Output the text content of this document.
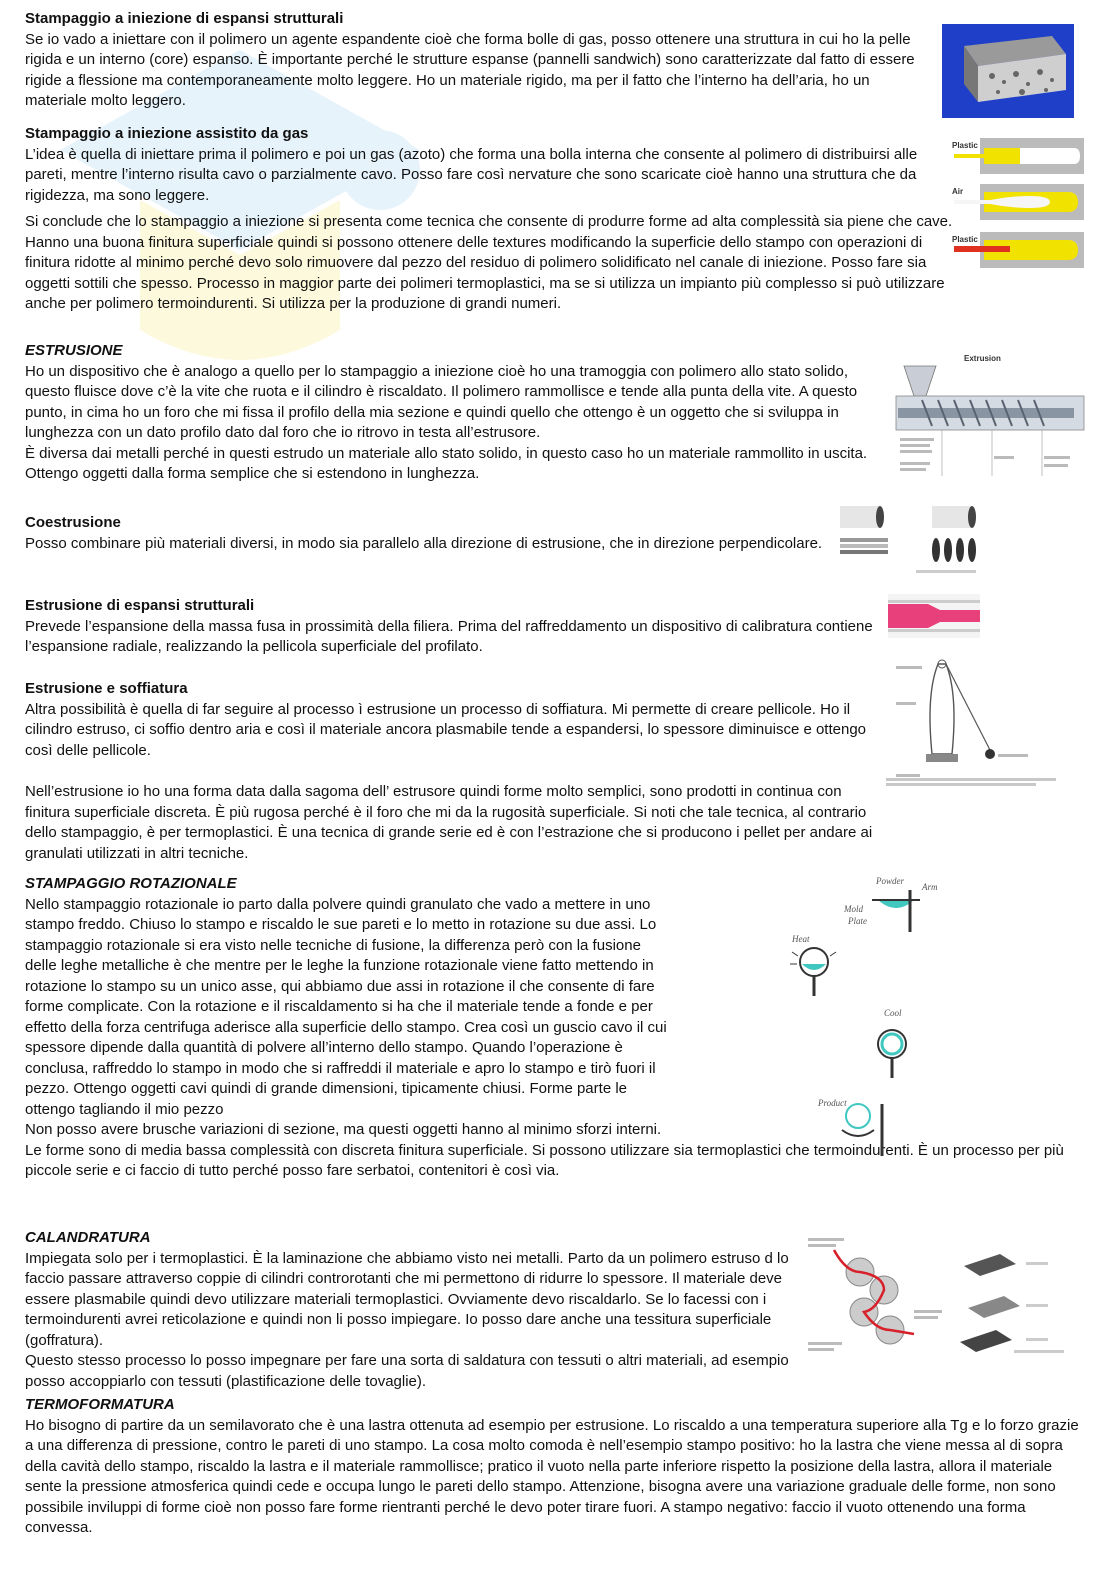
Stampaggio a iniezione di espansi strutturali

Se io vado a iniettare con il polimero un agente espandente cioè che forma bolle di gas, posso ottenere una struttura in cui ho la pelle rigida e un interno (core) espanso. È importante perché le strutture espanse (pannelli sandwich) sono caratterizzate dal fatto di essere rigide a flessione ma contemporaneamente molto leggere. Ho un materiale rigido, ma per il fatto che l’interno ha dell’aria, ho un materiale molto leggero.

Stampaggio a iniezione assistito da gas

L’idea è quella di iniettare prima il polimero e poi un gas (azoto) che forma una bolla interna che consente al polimero di distribuirsi alle pareti, mentre l’interno risulta cavo o parzialmente cavo. Posso fare così nervature che sono scaricate cioè hanno una struttura che da rigidezza, ma sono leggere.

Plastic
Air
Plastic

Si conclude che lo stampaggio a iniezione si presenta come tecnica che consente di produrre forme ad alta complessità sia piene che cave. Hanno una buona finitura superficiale quindi si possono ottenere delle textures modificando la superficie dello stampo con operazioni di finitura ridotte al minimo perché devo solo rimuovere dal pezzo del residuo di polimero solidificato nel canale di iniezione. Posso fare sia oggetti sottili che spesso. Processo in maggior parte dei polimeri termoplastici, ma se si utilizza un impianto più complesso si può utilizzare anche per polimero termoindurenti. Si utilizza per la produzione di grandi numeri.

ESTRUSIONE

Ho un dispositivo che è analogo a quello per lo stampaggio a iniezione cioè ho una tramoggia con polimero allo stato solido, questo fluisce dove c’è la vite che ruota e il cilindro è riscaldato. Il polimero rammollisce e tende alla punta della vite. A questo punto, in cima ho un foro che mi fissa il profilo della mia sezione e quindi quello che ottengo è un oggetto che si sviluppa in lunghezza con un dato profilo dato dal foro che io ritrovo in testa all’estrusore.

È diversa dai metalli perché in questi estrudo un materiale allo stato solido, in questo caso ho un materiale rammollito in uscita. Ottengo oggetti dalla forma semplice che si estendono in lunghezza.

Extrusion
Coestrusione

Posso combinare più materiali diversi, in modo sia parallelo alla direzione di estrusione, che in direzione perpendicolare.

Estrusione di espansi strutturali

Prevede l’espansione della massa fusa in prossimità della filiera. Prima del raffreddamento un dispositivo di calibratura contiene l’espansione radiale, realizzando la pellicola superficiale del profilato.

Estrusione e soffiatura

Altra possibilità è quella di far seguire al processo ì estrusione un processo di soffiatura. Mi permette di creare pellicole. Ho il cilindro estruso, ci soffio dentro aria e così il materiale ancora plasmabile tende a espandersi, lo spessore diminuisce e ottengo così delle pellicole.

Nell’estrusione io ho una forma data dalla sagoma dell’ estrusore quindi forme molto semplici, sono prodotti in continua con finitura superficiale discreta. È più rugosa perché è il foro che mi da la rugosità superficiale. Si noti che tale tecnica, al contrario dello stampaggio, è per termoplastici. È una tecnica di grande serie ed è con l’estrazione che si producono i pellet per andare ai granulati utilizzati in altri tecniche.

STAMPAGGIO ROTAZIONALE

Nello stampaggio rotazionale io parto dalla polvere quindi granulato che vado a mettere in uno stampo freddo. Chiuso lo stampo e riscaldo le sue pareti e lo metto in rotazione su due assi. Lo stampaggio rotazionale si era visto nelle tecniche di fusione, la differenza però con la fusione delle leghe metalliche è che mentre per le leghe la funzione rotazionale viene fatto mettendo in rotazione lo stampo su un unico asse, qui abbiamo due assi in rotazione il che consente di fare forme complicate. Con la rotazione e il riscaldamento si ha che il materiale tende a fonde e per effetto della forza centrifuga aderisce alla superficie dello stampo. Crea così un guscio cavo il cui spessore dipende dalla quantità di polvere all’interno dello stampo. Quando l’operazione è conclusa, raffreddo lo stampo in modo che si raffreddi il materiale e apro lo stampo e tirò fuori il pezzo. Ottengo oggetti cavi quindi di grande dimensioni, tipicamente chiusi. Forme parte le ottengo tagliando il mio pezzo

Non posso avere brusche variazioni di sezione, ma questi oggetti hanno al minimo sforzi interni.

Le forme sono di media bassa complessità con discreta finitura superficiale. Si possono utilizzare sia termoplastici che termoindurenti. È un processo per più piccole serie e ci faccio di tutto perché posso fare serbatoi, contenitori è così via.

Powder
Arm
Mold
Plate
Heat
Cool
Product
CALANDRATURA

Impiegata solo per i termoplastici. È la laminazione che abbiamo visto nei metalli. Parto da un polimero estruso d lo faccio passare attraverso coppie di cilindri controrotanti che mi permettono di ridurre lo spessore. Il materiale deve essere plasmabile quindi devo utilizzare materiali termoplastici. Ovviamente devo riscaldarlo. Se lo facessi con i termoindurenti avrei reticolazione e quindi non li posso impiegare. Io posso dare anche una tessitura superficiale (goffratura).

Questo stesso processo lo posso impegnare per fare una sorta di saldatura con tessuti o altri materiali, ad esempio posso accoppiarlo con tessuti (plastificazione delle tovaglie).

TERMOFORMATURA

Ho bisogno di partire da un semilavorato che è una lastra ottenuta ad esempio per estrusione. Lo riscaldo a una temperatura superiore alla Tg e lo forzo grazie a una differenza di pressione, contro le pareti di uno stampo. La cosa molto comoda è nell’esempio stampo positivo: ho la lastra che viene messa al di sopra della cavità dello stampo, riscaldo la lastra e il materiale rammollisce; pratico il vuoto nella parte inferiore rispetto la posizione della lastra, allora il materiale sente la pressione atmosferica quindi cede e occupa lungo le pareti dello stampo. Attenzione, bisogna avere una variazione graduale delle forme, non sono possibile inviluppi di forme cioè non posso fare forme rientranti perché le devo poter tirare fuori. A stampo negativo: faccio il vuoto ottenendo una forma convessa.
